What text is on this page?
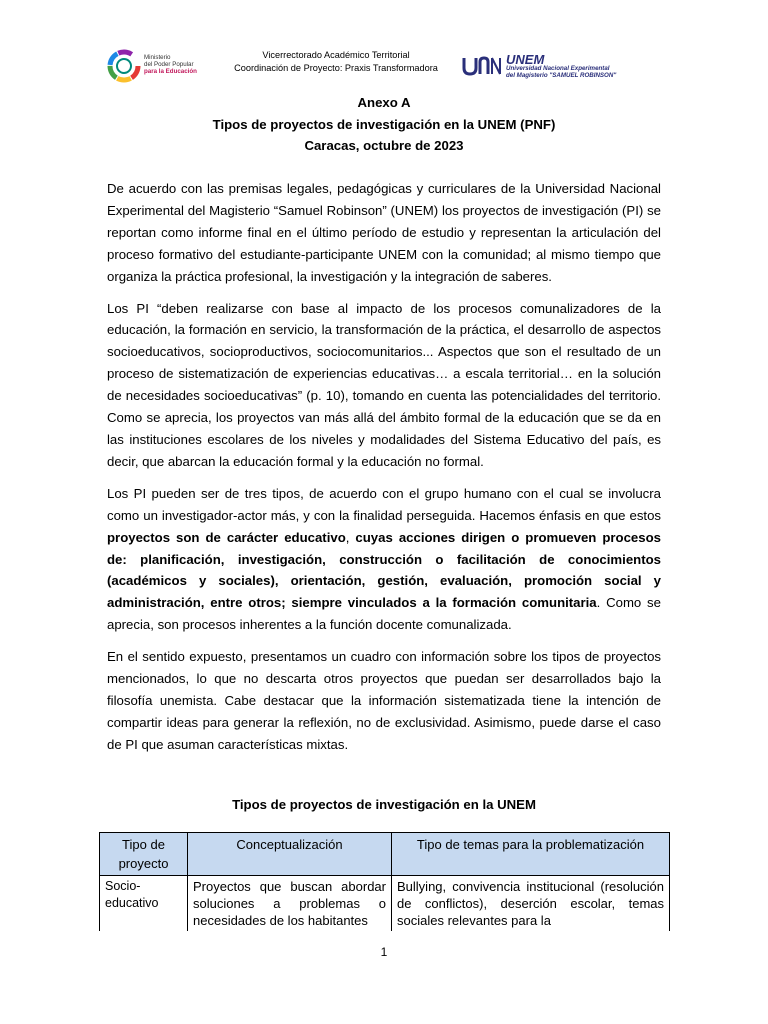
Ministerio
del Poder Popular
para la Educación
Vicerrectorado Académico Territorial
Coordinación de Proyecto: Praxis Transformadora
UNEM
Universidad Nacional Experimental
del Magisterio "SAMUEL ROBINSON"
Anexo A
Tipos de proyectos de investigación en la UNEM (PNF)
Caracas, octubre de 2023

De acuerdo con las premisas legales, pedagógicas y curriculares de la Universidad Nacional Experimental del Magisterio “Samuel Robinson” (UNEM) los proyectos de investigación (PI) se reportan como informe final en el último período de estudio y representan la articulación del proceso formativo del estudiante-participante UNEM con la comunidad; al mismo tiempo que organiza la práctica profesional, la investigación y la integración de saberes.

Los PI “deben realizarse con base al impacto de los procesos comunalizadores de la educación, la formación en servicio, la transformación de la práctica, el desarrollo de aspectos socioeducativos, socioproductivos, sociocomunitarios... Aspectos que son el resultado de un proceso de sistematización de experiencias educativas… a escala territorial… en la solución de necesidades socioeducativas” (p. 10), tomando en cuenta las potencialidades del territorio. Como se aprecia, los proyectos van más allá del ámbito formal de la educación que se da en las instituciones escolares de los niveles y modalidades del Sistema Educativo del país, es decir, que abarcan la educación formal y la educación no formal.

Los PI pueden ser de tres tipos, de acuerdo con el grupo humano con el cual se involucra como un investigador-actor más, y con la finalidad perseguida. Hacemos énfasis en que estos proyectos son de carácter educativo, cuyas acciones dirigen o promueven procesos de: planificación, investigación, construcción o facilitación de conocimientos (académicos y sociales), orientación, gestión, evaluación, promoción social y administración, entre otros; siempre vinculados a la formación comunitaria. Como se aprecia, son procesos inherentes a la función docente comunalizada.

En el sentido expuesto, presentamos un cuadro con información sobre los tipos de proyectos mencionados, lo que no descarta otros proyectos que puedan ser desarrollados bajo la filosofía unemista. Cabe destacar que la información sistematizada tiene la intención de compartir ideas para generar la reflexión, no de exclusividad. Asimismo, puede darse el caso de PI que asuman características mixtas.

Tipos de proyectos de investigación en la UNEM
Tipo de proyecto	Conceptualización	Tipo de temas para la problematización
Socio-educativo	Proyectos que buscan abordar soluciones a problemas o necesidades de los habitantes	Bullying, convivencia institucional (resolución de conflictos), deserción escolar, temas sociales relevantes para la
1
